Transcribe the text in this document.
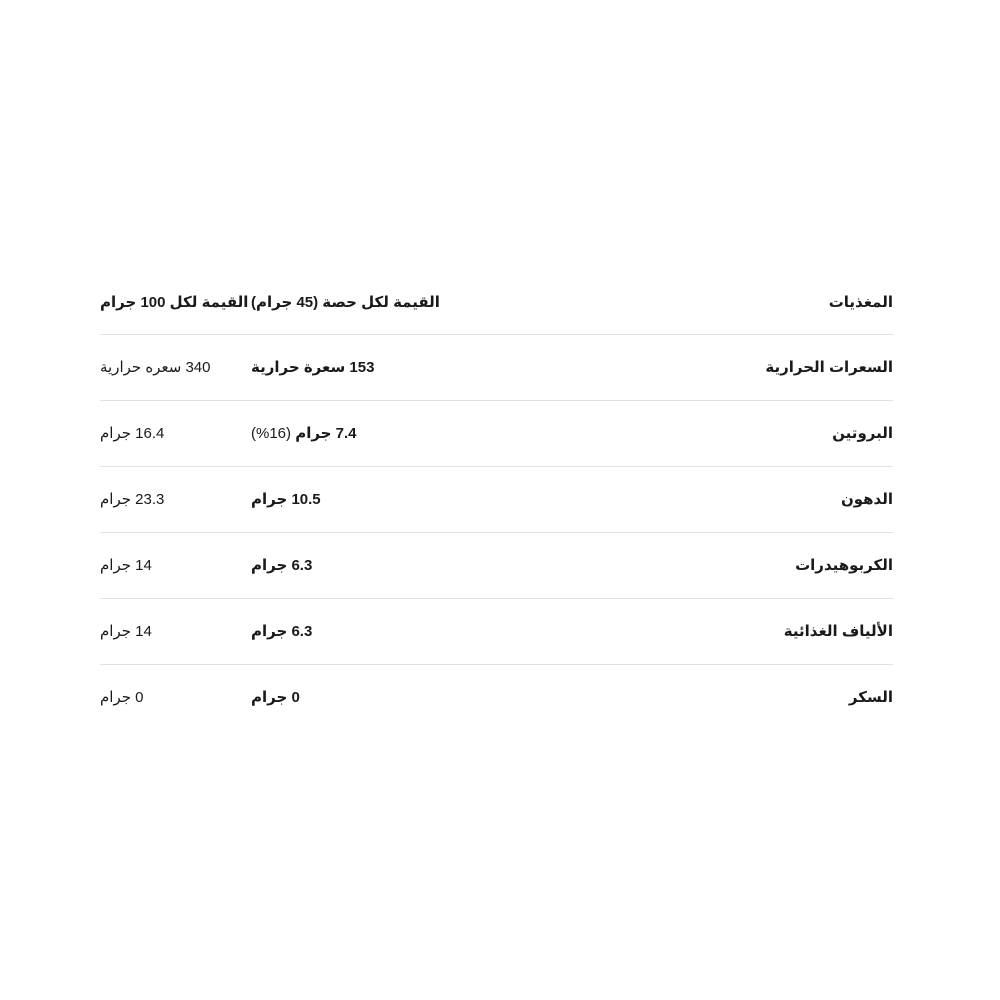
المغذيات	القيمة لكل حصة (45 جرام)	القيمة لكل 100 جرام
السعرات الحرارية	153 سعرة حرارية	340 سعره حرارية
البروتين	7.4 جرام (16%)	16.4 جرام
الدهون	10.5 جرام	23.3 جرام
الكربوهيدرات	6.3 جرام	14 جرام
الألياف الغذائية	6.3 جرام	14 جرام
السكر	0 جرام	0 جرام
